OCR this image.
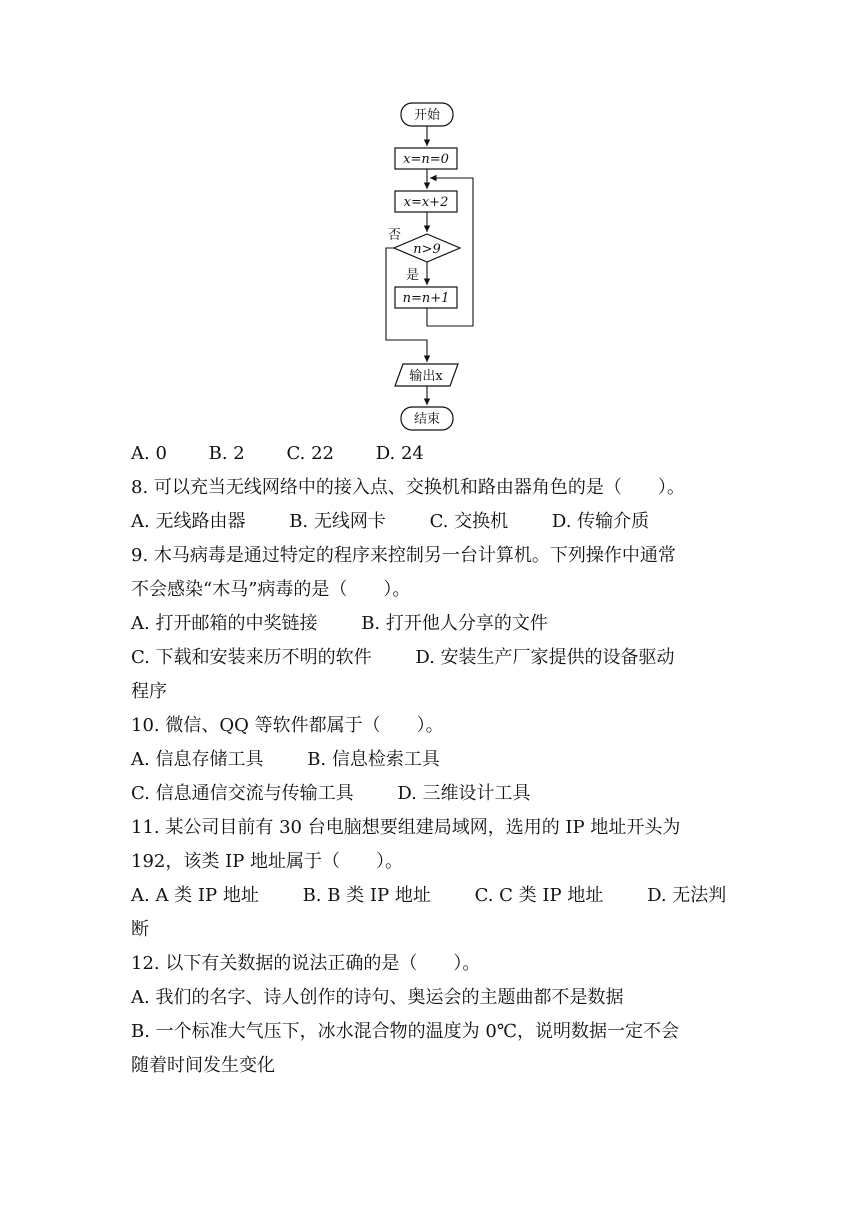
开始
x=n=0
x=x+2
n>9
否
是
n=n+1
输出x
结束
A. 0 B. 2 C. 22 D. 24
8. 可以充当无线网络中的接入点、交换机和路由器角色的是（　　）。
A. 无线路由器 B. 无线网卡 C. 交换机 D. 传输介质
9. 木马病毒是通过特定的程序来控制另一台计算机。下列操作中通常
不会感染“木马”病毒的是（　　）。
A. 打开邮箱的中奖链接 B. 打开他人分享的文件
C. 下载和安装来历不明的软件 D. 安装生产厂家提供的设备驱动
程序
10. 微信、QQ 等软件都属于（　　）。
A. 信息存储工具 B. 信息检索工具
C. 信息通信交流与传输工具 D. 三维设计工具
11. 某公司目前有 30 台电脑想要组建局域网，选用的 IP 地址开头为
192，该类 IP 地址属于（　　）。
A. A 类 IP 地址 B. B 类 IP 地址 C. C 类 IP 地址 D. 无法判
断
12. 以下有关数据的说法正确的是（　　）。
A. 我们的名字、诗人创作的诗句、奥运会的主题曲都不是数据
B. 一个标准大气压下，冰水混合物的温度为 0℃，说明数据一定不会
随着时间发生变化
